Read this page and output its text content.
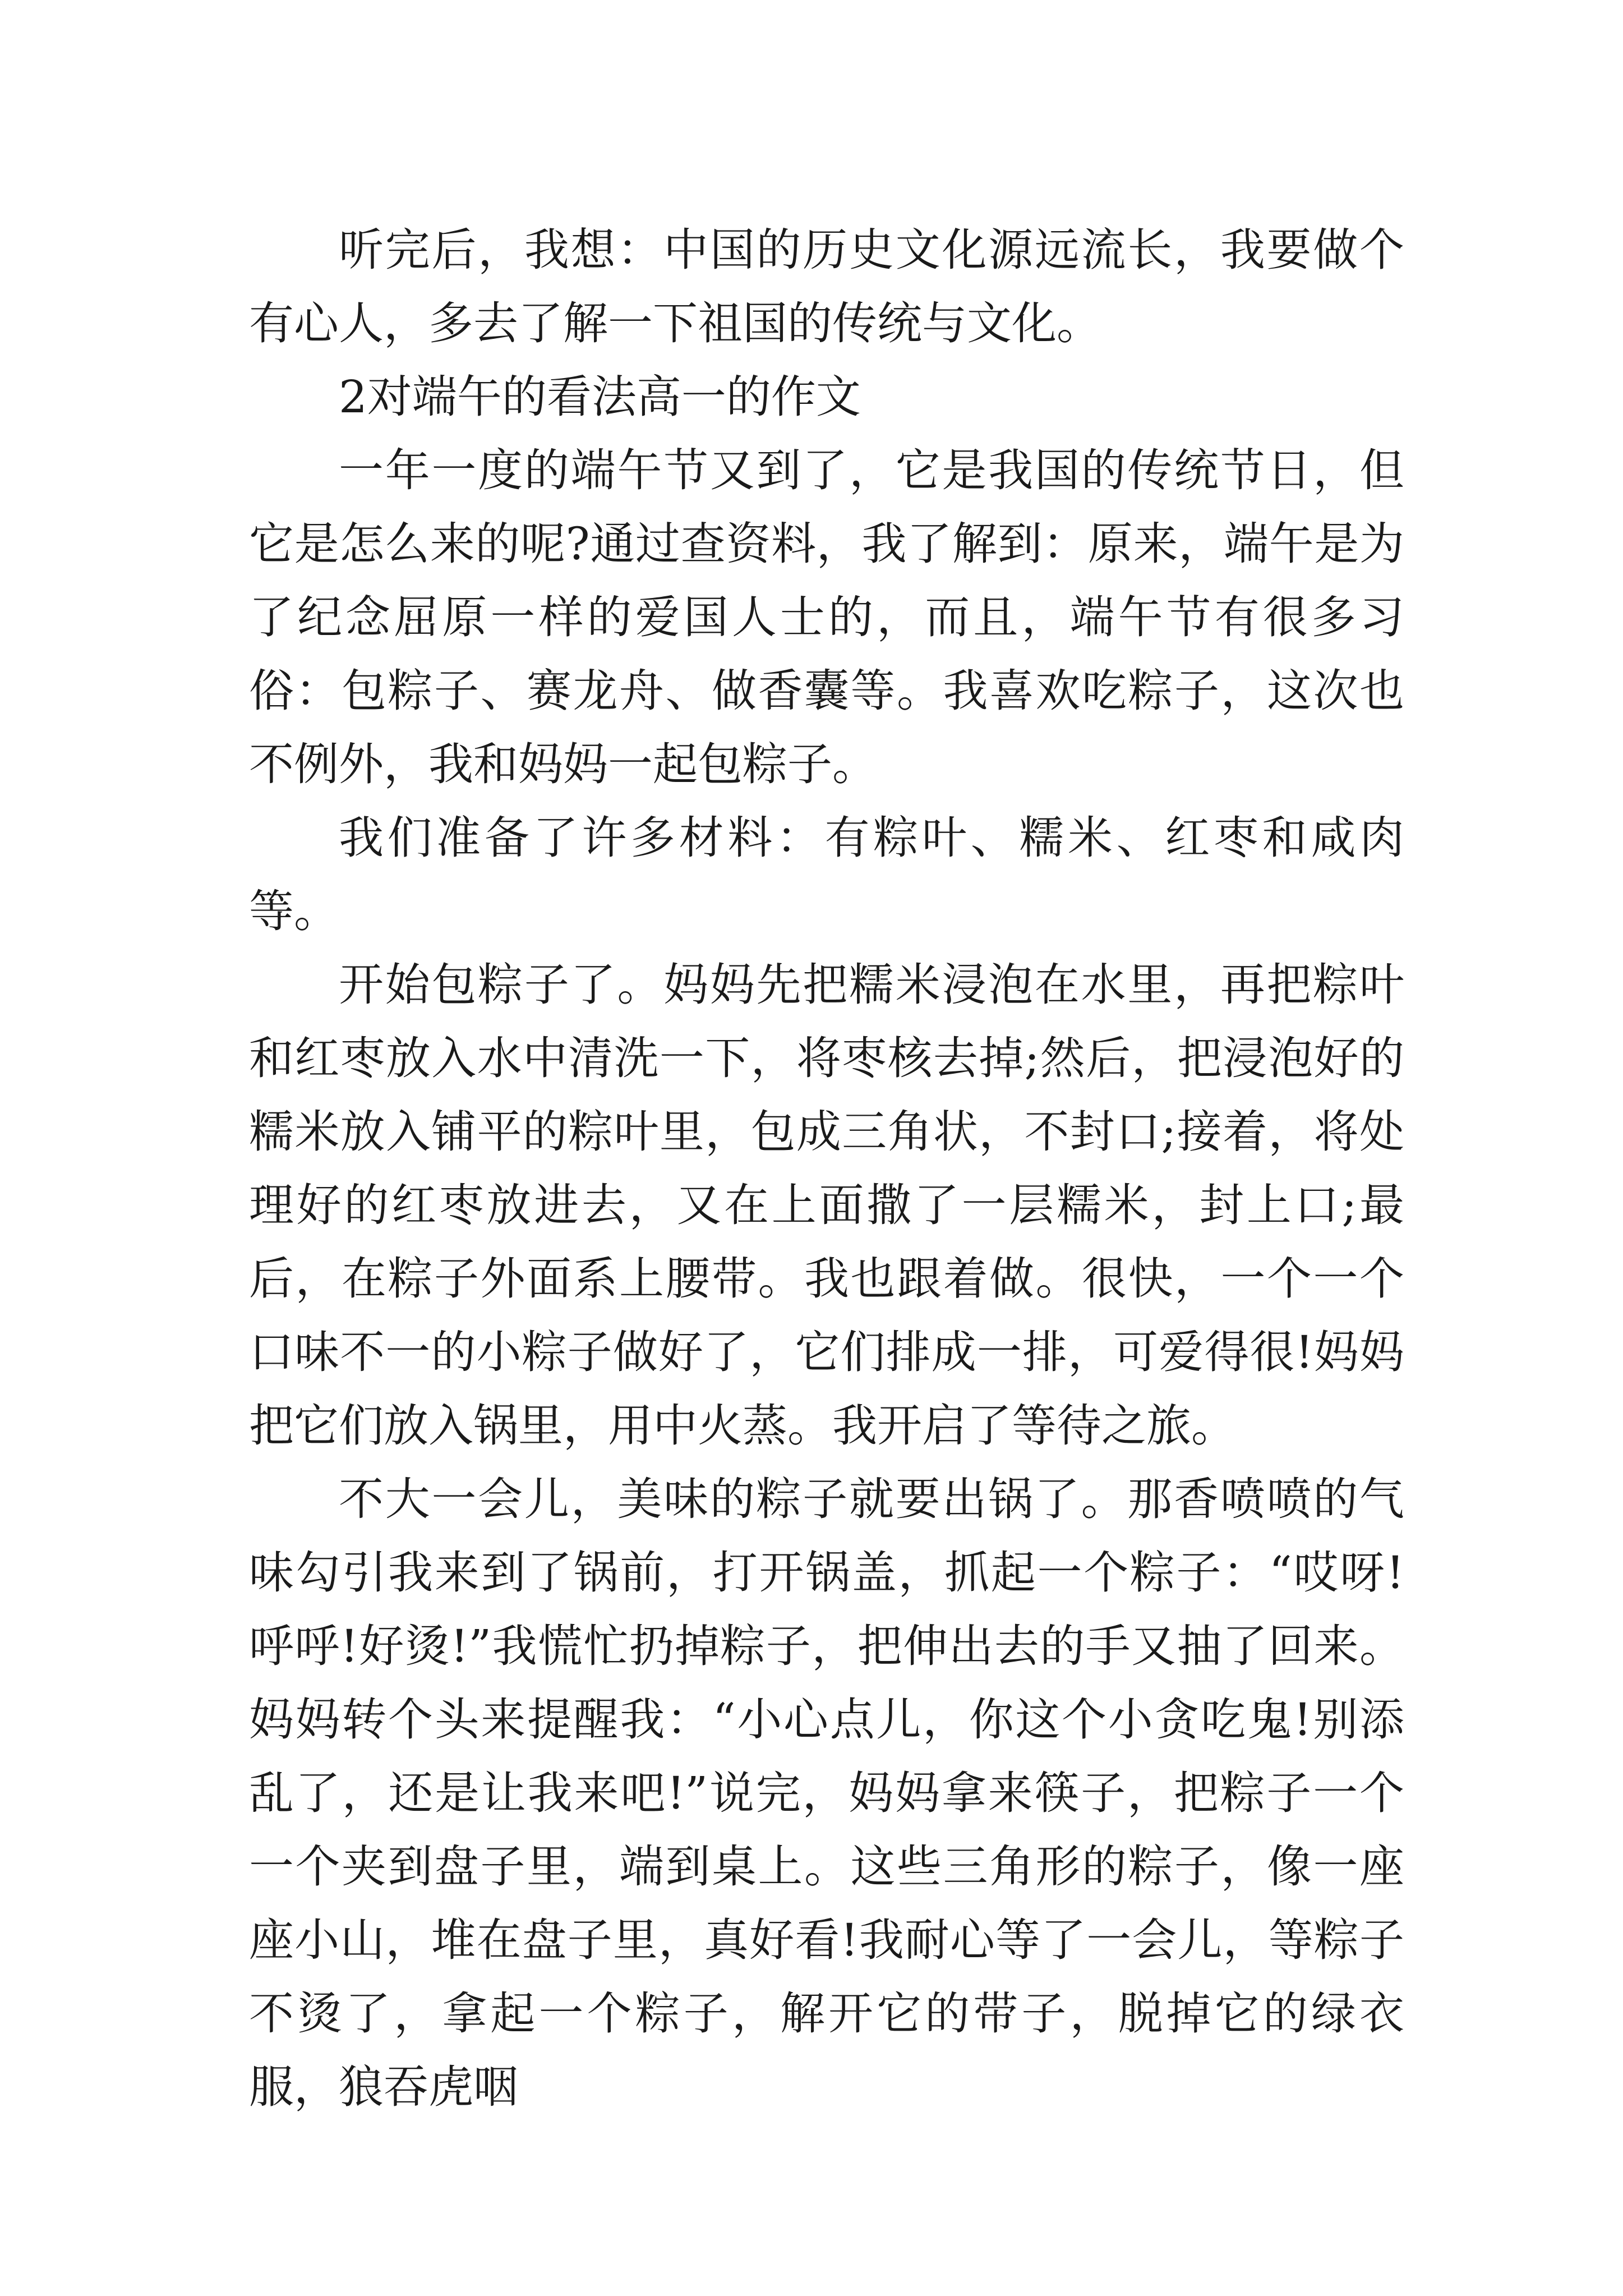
听完后，我想：中国的历史文化源远流长，我要做个有心人，多去了解一下祖国的传统与文化。

2对端午的看法高一的作文

一年一度的端午节又到了，它是我国的传统节日，但它是怎么来的呢?通过查资料，我了解到：原来，端午是为了纪念屈原一样的爱国人士的，而且，端午节有很多习俗：包粽子、赛龙舟、做香囊等。我喜欢吃粽子，这次也不例外，我和妈妈一起包粽子。

我们准备了许多材料：有粽叶、糯米、红枣和咸肉等。

开始包粽子了。妈妈先把糯米浸泡在水里，再把粽叶和红枣放入水中清洗一下，将枣核去掉;然后，把浸泡好的糯米放入铺平的粽叶里，包成三角状，不封口;接着，将处理好的红枣放进去，又在上面撒了一层糯米，封上口;最后，在粽子外面系上腰带。我也跟着做。很快，一个一个口味不一的小粽子做好了，它们排成一排，可爱得很!妈妈把它们放入锅里，用中火蒸。我开启了等待之旅。

不大一会儿，美味的粽子就要出锅了。那香喷喷的气味勾引我来到了锅前，打开锅盖，抓起一个粽子：“哎呀!呼呼!好烫!”我慌忙扔掉粽子，把伸出去的手又抽了回来。妈妈转个头来提醒我：“小心点儿，你这个小贪吃鬼!别添乱了，还是让我来吧!”说完，妈妈拿来筷子，把粽子一个一个夹到盘子里，端到桌上。这些三角形的粽子，像一座座小山，堆在盘子里，真好看!我耐心等了一会儿，等粽子不烫了，拿起一个粽子，解开它的带子，脱掉它的绿衣服，狼吞虎咽
